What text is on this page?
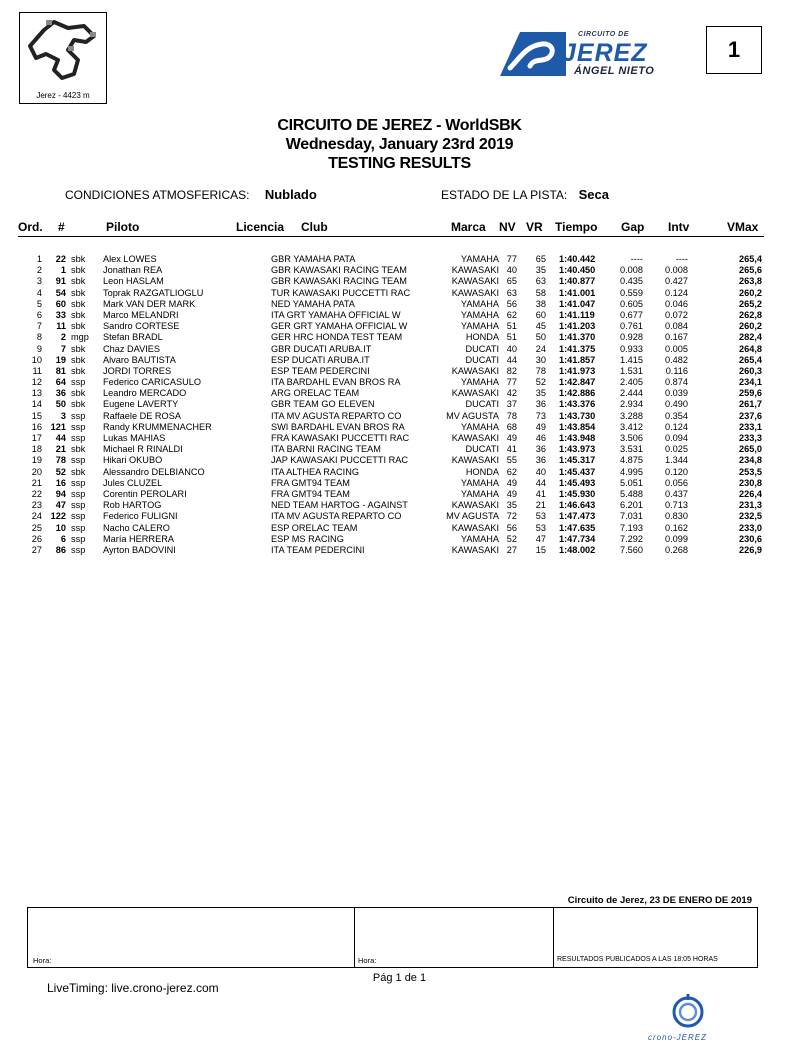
Jerez - 4423 m
CIRCUITO DE
JEREZ
ÁNGEL NIETO
1
CIRCUITO DE JEREZ - WorldSBK
Wednesday, January 23rd 2019
TESTING RESULTS
CONDICIONES ATMOSFERICAS: Nublado	ESTADO DE LA PISTA: Seca
Ord. #	Piloto	Licencia Club	Marca NV VR Tiempo Gap Intv	VMax
1	22 sbk Alex LOWES	GBR YAMAHA PATA	YAMAHA 77	65 1:40.442	----	----	265,4
2	1 sbk Jonathan REA	GBR KAWASAKI RACING TEAM	KAWASAKI 40	35 1:40.450	0.008	0.008	265,6
3	91 sbk Leon HASLAM	GBR KAWASAKI RACING TEAM	KAWASAKI 65	63 1:40.877	0.435	0.427	263,8
4	54 sbk Toprak RAZGATLIOGLU	TUR KAWASAKI PUCCETTI RAC	KAWASAKI 63	58 1:41.001	0.559	0.124	260,2
5	60 sbk Mark VAN DER MARK	NED YAMAHA PATA	YAMAHA 56	38 1:41.047	0.605	0.046	265,2
6	33 sbk Marco MELANDRI	ITA GRT YAMAHA OFFICIAL W	YAMAHA 62	60 1:41.119	0.677	0.072	262,8
7	11 sbk Sandro CORTESE	GER GRT YAMAHA OFFICIAL W	YAMAHA 51	45 1:41.203	0.761	0.084	260,2
8	2 mgp Stefan BRADL	GER HRC HONDA TEST TEAM	HONDA 51	50 1:41.370	0.928	0.167	282,4
9	7 sbk Chaz DAVIES	GBR DUCATI ARUBA.IT	DUCATI 40	24 1:41.375	0.933	0.005	264,8
10	19 sbk Alvaro BAUTISTA	ESP DUCATI ARUBA.IT	DUCATI 44	30 1:41.857	1.415	0.482	265,4
11	81 sbk JORDI TORRES	ESP TEAM PEDERCINI	KAWASAKI 82	78 1:41.973	1.531	0.116	260,3
12	64 ssp Federico CARICASULO	ITA BARDAHL EVAN BROS RA	YAMAHA 77	52 1:42.847	2.405	0.874	234,1
13	36 sbk Leandro MERCADO	ARG ORELAC TEAM	KAWASAKI 42	35 1:42.886	2.444	0.039	259,6
14	50 sbk Eugene LAVERTY	GBR TEAM GO ELEVEN	DUCATI 37	36 1:43.376	2.934	0.490	261,7
15	3 ssp Raffaele DE ROSA	ITA MV AGUSTA REPARTO CO	MV AGUSTA 78	73 1:43.730	3.288	0.354	237,6
16 121 ssp Randy KRUMMENACHER	SWI BARDAHL EVAN BROS RA	YAMAHA 68	49 1:43.854	3.412	0.124	233,1
17	44 ssp Lukas MAHIAS	FRA KAWASAKI PUCCETTI RAC	KAWASAKI 49	46 1:43.948	3.506	0.094	233,3
18	21 sbk Michael R RINALDI	ITA BARNI RACING TEAM	DUCATI 41	36 1:43.973	3.531	0.025	265,0
19	78 ssp Hikari OKUBO	JAP KAWASAKI PUCCETTI RAC	KAWASAKI 55	36 1:45.317	4.875	1.344	234,8
20	52 sbk Alessandro DELBIANCO	ITA ALTHEA RACING	HONDA 62	40 1:45.437	4.995	0.120	253,5
21	16 ssp Jules CLUZEL	FRA GMT94 TEAM	YAMAHA 49	44 1:45.493	5.051	0.056	230,8
22	94 ssp Corentin PEROLARI	FRA GMT94 TEAM	YAMAHA 49	41 1:45.930	5.488	0.437	226,4
23	47 ssp Rob HARTOG	NED TEAM HARTOG - AGAINST	KAWASAKI 35	21 1:46.643	6.201	0.713	231,3
24 122 ssp Federico FULIGNI	ITA MV AGUSTA REPARTO CO	MV AGUSTA 72	53 1:47.473	7.031	0.830	232,5
25	10 ssp Nacho CALERO	ESP ORELAC TEAM	KAWASAKI 56	53 1:47.635	7.193	0.162	233,0
26	6 ssp María HERRERA	ESP MS RACING	YAMAHA 52	47 1:47.734	7.292	0.099	230,6
27	86 ssp Ayrton BADOVINI	ITA TEAM PEDERCINI	KAWASAKI 27	15 1:48.002	7.560	0.268	226,9
Circuito de Jerez, 23 DE ENERO DE 2019
Hora:	Hora:	RESULTADOS PUBLICADOS A LAS 18:05 HORAS
Pág 1 de 1
LiveTiming: live.crono-jerez.com
crono-JEREZ
